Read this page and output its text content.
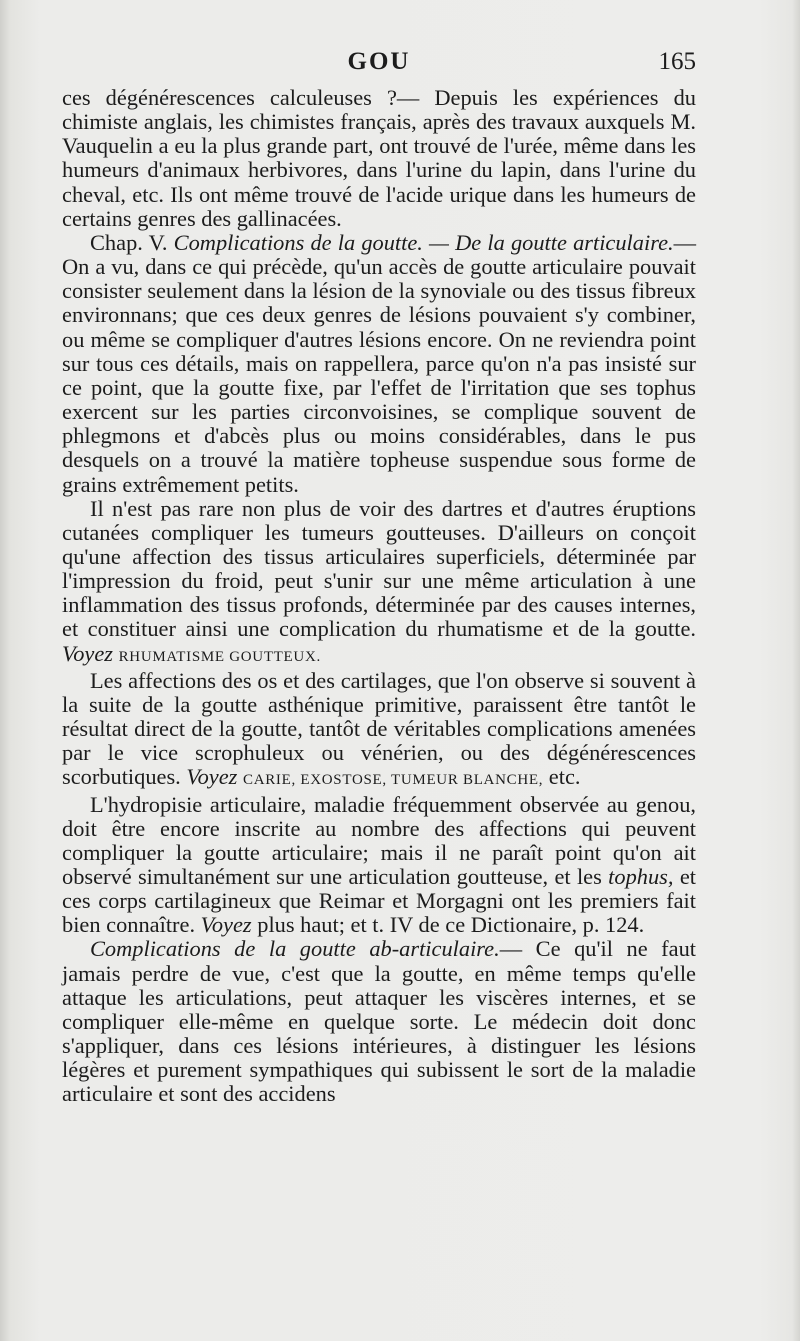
GOU	165

ces dégénérescences calculeuses ?— Depuis les expériences du chimiste anglais, les chimistes français, après des travaux auxquels M. Vauquelin a eu la plus grande part, ont trouvé de l'urée, même dans les humeurs d'animaux herbivores, dans l'urine du lapin, dans l'urine du cheval, etc. Ils ont même trouvé de l'acide urique dans les humeurs de certains genres des gallinacées.

Chap. V. Complications de la goutte. — De la goutte articulaire.—On a vu, dans ce qui précède, qu'un accès de goutte articulaire pouvait consister seulement dans la lésion de la synoviale ou des tissus fibreux environnans; que ces deux genres de lésions pouvaient s'y combiner, ou même se compliquer d'autres lésions encore. On ne reviendra point sur tous ces détails, mais on rappellera, parce qu'on n'a pas insisté sur ce point, que la goutte fixe, par l'effet de l'irritation que ses tophus exercent sur les parties circonvoisines, se complique souvent de phlegmons et d'abcès plus ou moins considérables, dans le pus desquels on a trouvé la matière topheuse suspendue sous forme de grains extrêmement petits.

Il n'est pas rare non plus de voir des dartres et d'autres éruptions cutanées compliquer les tumeurs goutteuses. D'ailleurs on conçoit qu'une affection des tissus articulaires superficiels, déterminée par l'impression du froid, peut s'unir sur une même articulation à une inflammation des tissus profonds, déterminée par des causes internes, et constituer ainsi une complication du rhumatisme et de la goutte. Voyez RHUMATISME GOUTTEUX.

Les affections des os et des cartilages, que l'on observe si souvent à la suite de la goutte asthénique primitive, paraissent être tantôt le résultat direct de la goutte, tantôt de véritables complications amenées par le vice scrophuleux ou vénérien, ou des dégénérescences scorbutiques. Voyez CARIE, EXOSTOSE, TUMEUR BLANCHE, etc.

L'hydropisie articulaire, maladie fréquemment observée au genou, doit être encore inscrite au nombre des affections qui peuvent compliquer la goutte articulaire; mais il ne paraît point qu'on ait observé simultanément sur une articulation goutteuse, et les tophus, et ces corps cartilagineux que Reimar et Morgagni ont les premiers fait bien connaître. Voyez plus haut; et t. IV de ce Dictionaire, p. 124.

Complications de la goutte ab-articulaire.— Ce qu'il ne faut jamais perdre de vue, c'est que la goutte, en même temps qu'elle attaque les articulations, peut attaquer les viscères internes, et se compliquer elle-même en quelque sorte. Le médecin doit donc s'appliquer, dans ces lésions intérieures, à distinguer les lésions légères et purement sympathiques qui subissent le sort de la maladie articulaire et sont des accidens
